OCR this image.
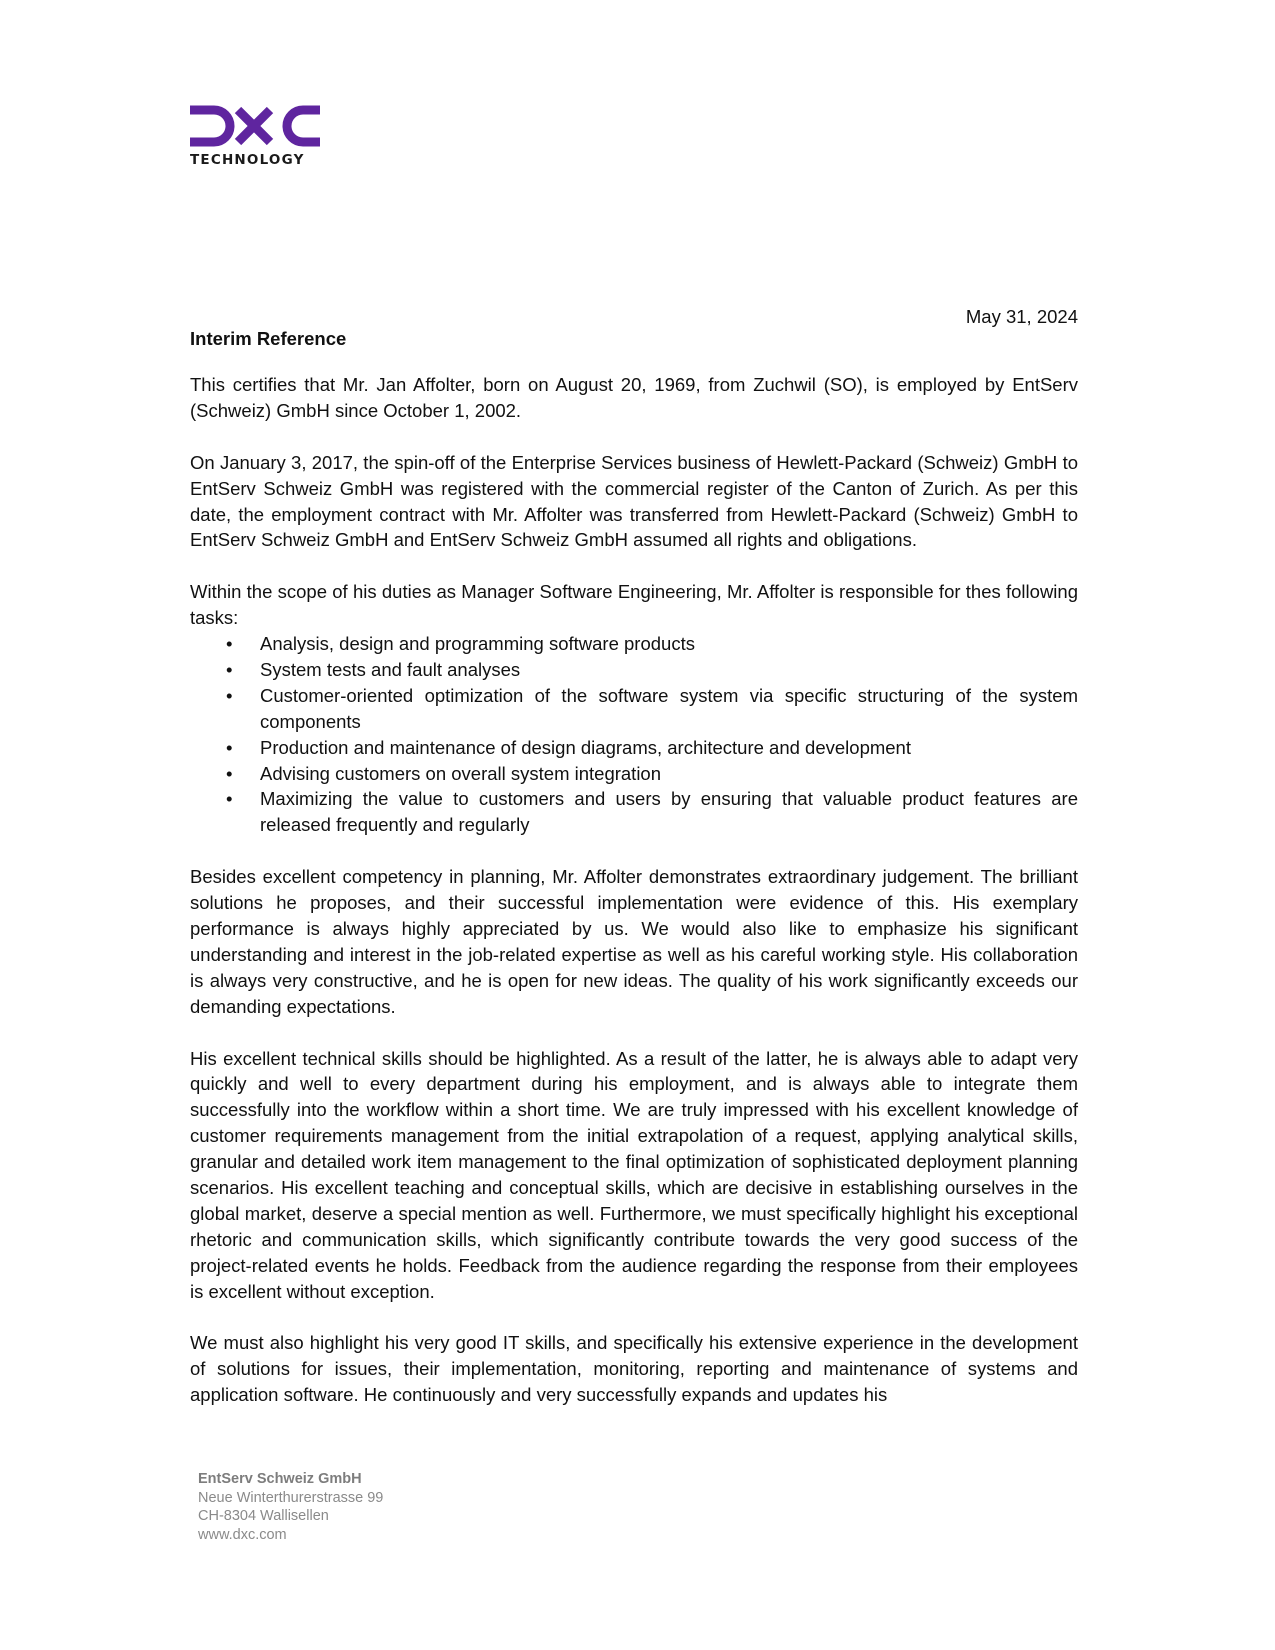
TECHNOLOGY
May 31, 2024
Interim Reference

This certifies that Mr. Jan Affolter, born on August 20, 1969, from Zuchwil (SO), is employed by EntServ (Schweiz) GmbH since October 1, 2002.

On January 3, 2017, the spin-off of the Enterprise Services business of Hewlett-Packard (Schweiz) GmbH to EntServ Schweiz GmbH was registered with the commercial register of the Canton of Zurich. As per this date, the employment contract with Mr. Affolter was transferred from Hewlett-Packard (Schweiz) GmbH to EntServ Schweiz GmbH and EntServ Schweiz GmbH assumed all rights and obligations.

Within the scope of his duties as Manager Software Engineering, Mr. Affolter is responsible for thes following tasks:

• Analysis, design and programming software products
• System tests and fault analyses
• Customer-oriented optimization of the software system via specific structuring of the system components
• Production and maintenance of design diagrams, architecture and development
• Advising customers on overall system integration
• Maximizing the value to customers and users by ensuring that valuable product features are released frequently and regularly

Besides excellent competency in planning, Mr. Affolter demonstrates extraordinary judgement. The brilliant solutions he proposes, and their successful implementation were evidence of this. His exemplary performance is always highly appreciated by us. We would also like to emphasize his significant understanding and interest in the job-related expertise as well as his careful working style. His collaboration is always very constructive, and he is open for new ideas. The quality of his work significantly exceeds our demanding expectations.

His excellent technical skills should be highlighted. As a result of the latter, he is always able to adapt very quickly and well to every department during his employment, and is always able to integrate them successfully into the workflow within a short time. We are truly impressed with his excellent knowledge of customer requirements management from the initial extrapolation of a request, applying analytical skills, granular and detailed work item management to the final optimization of sophisticated deployment planning scenarios. His excellent teaching and conceptual skills, which are decisive in establishing ourselves in the global market, deserve a special mention as well. Furthermore, we must specifically highlight his exceptional rhetoric and communication skills, which significantly contribute towards the very good success of the project-related events he holds. Feedback from the audience regarding the response from their employees is excellent without exception.

We must also highlight his very good IT skills, and specifically his extensive experience in the development of solutions for issues, their implementation, monitoring, reporting and maintenance of systems and application software. He continuously and very successfully expands and updates his

EntServ Schweiz GmbH
Neue Winterthurerstrasse 99
CH-8304 Wallisellen
www.dxc.com
